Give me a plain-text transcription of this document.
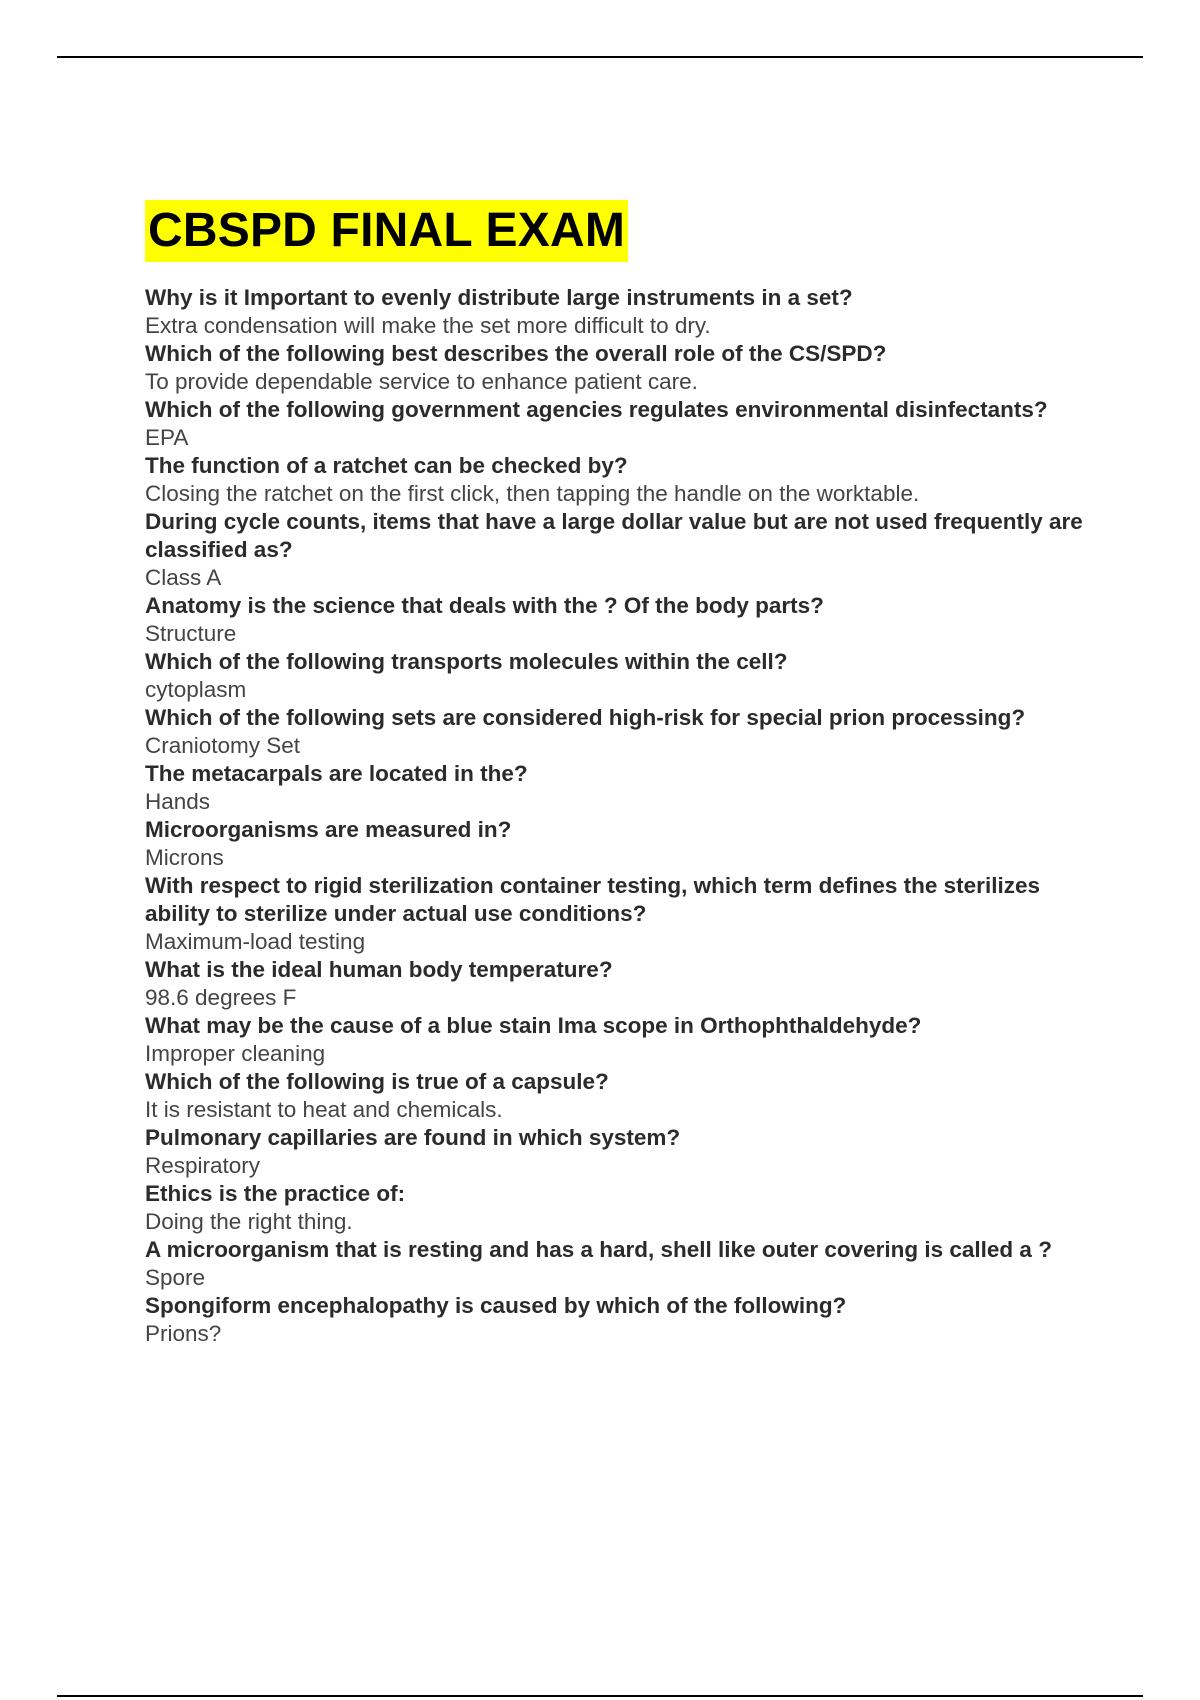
CBSPD FINAL EXAM
Why is it Important to evenly distribute large instruments in a set?
Extra condensation will make the set more difficult to dry.
Which of the following best describes the overall role of the CS/SPD?
To provide dependable service to enhance patient care.
Which of the following government agencies regulates environmental disinfectants?
EPA
The function of a ratchet can be checked by?
Closing the ratchet on the first click, then tapping the handle on the worktable.
During cycle counts, items that have a large dollar value but are not used frequently are classified as?
Class A
Anatomy is the science that deals with the ? Of the body parts?
Structure
Which of the following transports molecules within the cell?
cytoplasm
Which of the following sets are considered high-risk for special prion processing?
Craniotomy Set
The metacarpals are located in the?
Hands
Microorganisms are measured in?
Microns
With respect to rigid sterilization container testing, which term defines the sterilizes ability to sterilize under actual use conditions?
Maximum-load testing
What is the ideal human body temperature?
98.6 degrees F
What may be the cause of a blue stain Ima scope in Orthophthaldehyde?
Improper cleaning
Which of the following is true of a capsule?
It is resistant to heat and chemicals.
Pulmonary capillaries are found in which system?
Respiratory
Ethics is the practice of:
Doing the right thing.
A microorganism that is resting and has a hard, shell like outer covering is called a ?
Spore
Spongiform encephalopathy is caused by which of the following?
Prions?
